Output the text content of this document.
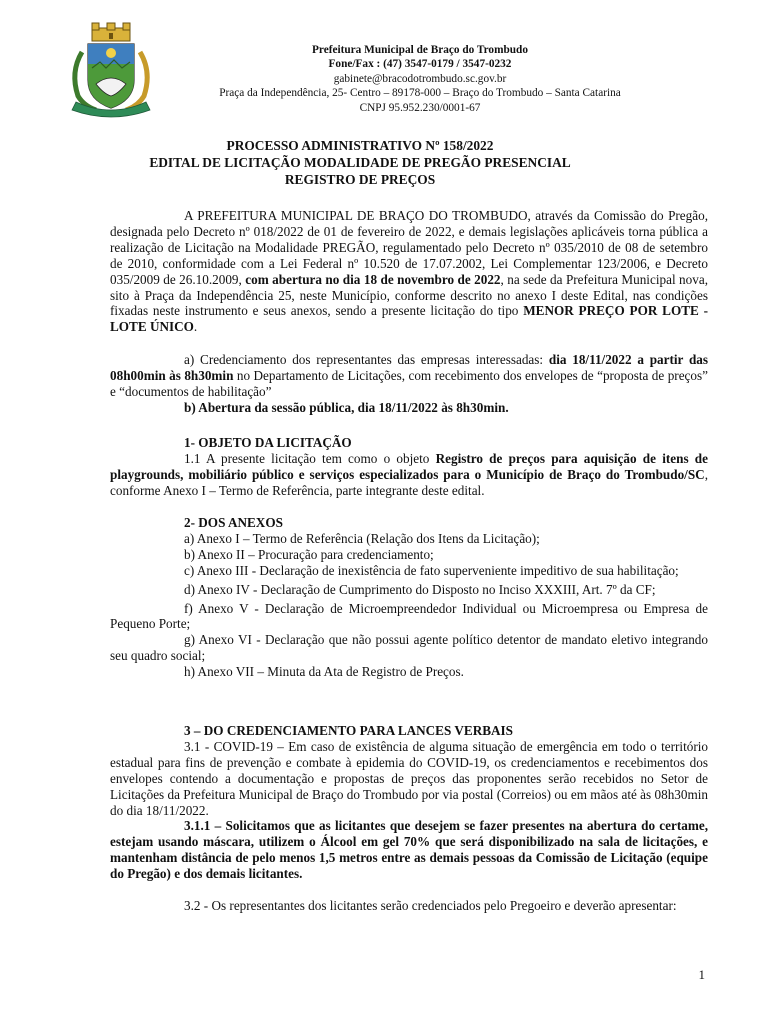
Prefeitura Municipal de Braço do Trombudo
Fone/Fax : (47) 3547-0179 / 3547-0232
gabinete@bracodotrombudo.sc.gov.br
Praça da Independência, 25- Centro – 89178-000 – Braço do Trombudo – Santa Catarina
CNPJ 95.952.230/0001-67
PROCESSO ADMINISTRATIVO Nº 158/2022
EDITAL DE LICITAÇÃO MODALIDADE DE PREGÃO PRESENCIAL
REGISTRO DE PREÇOS

A PREFEITURA MUNICIPAL DE BRAÇO DO TROMBUDO, através da Comissão do Pregão, designada pelo Decreto nº 018/2022 de 01 de fevereiro de 2022, e demais legislações aplicáveis torna pública a realização de Licitação na Modalidade PREGÃO, regulamentado pelo Decreto nº 035/2010 de 08 de setembro de 2010, conformidade com a Lei Federal nº 10.520 de 17.07.2002, Lei Complementar 123/2006, e Decreto 035/2009 de 26.10.2009, com abertura no dia 18 de novembro de 2022, na sede da Prefeitura Municipal nova, sito à Praça da Independência 25, neste Município, conforme descrito no anexo I deste Edital, nas condições fixadas neste instrumento e seus anexos, sendo a presente licitação do tipo MENOR PREÇO POR LOTE - LOTE ÚNICO.

a) Credenciamento dos representantes das empresas interessadas: dia 18/11/2022 a partir das 08h00min às 8h30min no Departamento de Licitações, com recebimento dos envelopes de “proposta de preços” e “documentos de habilitação”

b) Abertura da sessão pública, dia 18/11/2022 às 8h30min.

1- OBJETO DA LICITAÇÃO

1.1 A presente licitação tem como o objeto Registro de preços para aquisição de itens de playgrounds, mobiliário público e serviços especializados para o Município de Braço do Trombudo/SC, conforme Anexo I – Termo de Referência, parte integrante deste edital.

2- DOS ANEXOS

a) Anexo I – Termo de Referência (Relação dos Itens da Licitação);

b) Anexo II – Procuração para credenciamento;

c) Anexo III - Declaração de inexistência de fato superveniente impeditivo de sua habilitação;

d) Anexo IV - Declaração de Cumprimento do Disposto no Inciso XXXIII, Art. 7º da CF;

f) Anexo V - Declaração de Microempreendedor Individual ou Microempresa ou Empresa de Pequeno Porte;

g) Anexo VI - Declaração que não possui agente político detentor de mandato eletivo integrando seu quadro social;

h) Anexo VII – Minuta da Ata de Registro de Preços.

3 – DO CREDENCIAMENTO PARA LANCES VERBAIS

3.1 - COVID-19 – Em caso de existência de alguma situação de emergência em todo o território estadual para fins de prevenção e combate à epidemia do COVID-19, os credenciamentos e recebimentos dos envelopes contendo a documentação e propostas de preços das proponentes serão recebidos no Setor de Licitações da Prefeitura Municipal de Braço do Trombudo por via postal (Correios) ou em mãos até às 08h30min do dia 18/11/2022.

3.1.1 – Solicitamos que as licitantes que desejem se fazer presentes na abertura do certame, estejam usando máscara, utilizem o Álcool em gel 70% que será disponibilizado na sala de licitações, e mantenham distância de pelo menos 1,5 metros entre as demais pessoas da Comissão de Licitação (equipe do Pregão) e dos demais licitantes.

3.2 - Os representantes dos licitantes serão credenciados pelo Pregoeiro e deverão apresentar:

1
